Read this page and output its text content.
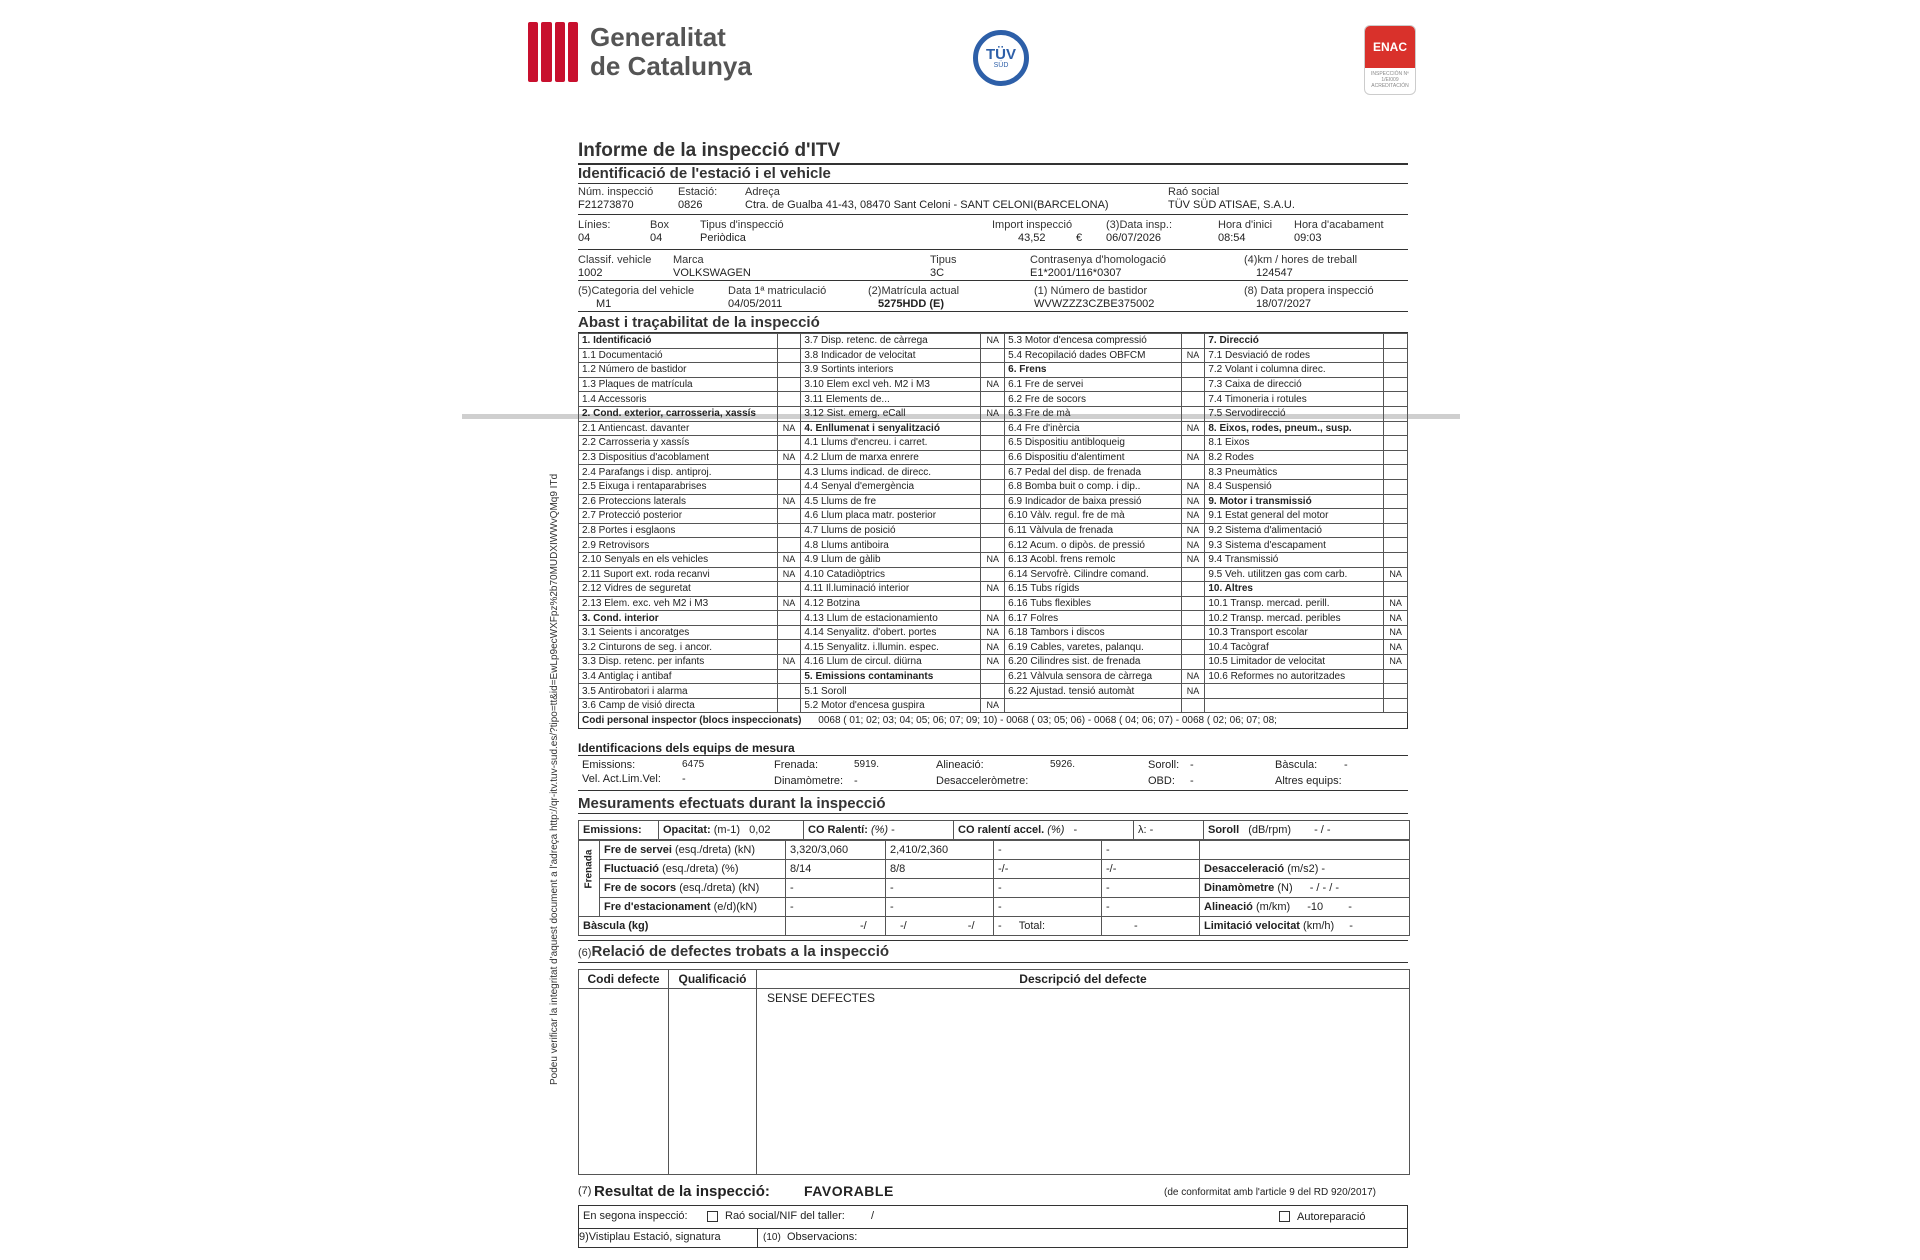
Generalitat
de Catalunya	TÜV
SÜD
ENAC
INSPECCIÓN Nº 1/EI009 ACREDITACIÓN
Podeu verificar la integritat d'aquest document a l'adreça http://qr-itv.tuv-sud.es/?tipo=tt&id=EwLp9ecWXFpz%2b70MUDXIWWvQMq9 ITd
Informe de la inspecció d'ITV
Identificació de l'estació i el vehicle
Núm. inspecció
F21273870
Estació:
0826
Adreça
Ctra. de Gualba 41-43, 08470 Sant Celoni - SANT CELONI(BARCELONA)
Raó social
TÜV SÜD ATISAE, S.A.U.
Línies:
04
Box
04
Tipus d'inspecció
Periòdica
Import inspecció
43,52	€
(3)Data insp.:
06/07/2026
Hora d'inici
08:54
Hora d'acabament
09:03
Classif. vehicle
1002
Marca
VOLKSWAGEN
Tipus
3C
Contrasenya d'homologació
E1*2001/116*0307
(4)km / hores de treball
124547
(5)Categoria del vehicle
M1
Data 1ª matriculació
04/05/2011
(2)Matrícula actual
5275HDD (E)
(1) Número de bastidor
WVWZZZ3CZBE375002
(8) Data propera inspecció
18/07/2027
Abast i traçabilitat de la inspecció
1. Identificació		3.7 Disp. retenc. de càrrega	NA	5.3 Motor d'encesa compressió		7. Direcció	
1.1 Documentació		3.8 Indicador de velocitat		5.4 Recopilació dades OBFCM	NA	7.1 Desviació de rodes	
1.2 Número de bastidor		3.9 Sortints interiors		6. Frens		7.2 Volant i columna direc.	
1.3 Plaques de matrícula		3.10 Elem excl veh. M2 i M3	NA	6.1 Fre de servei		7.3 Caixa de direcció	
1.4 Accessoris		3.11 Elements de...		6.2 Fre de socors		7.4 Timoneria i rotules	
2. Cond. exterior, carrosseria, xassís		3.12 Sist. emerg. eCall	NA	6.3 Fre de mà		7.5 Servodirecció	
2.1 Antiencast. davanter	NA	4. Enllumenat i senyalització		6.4 Fre d'inèrcia	NA	8. Eixos, rodes, pneum., susp.	
2.2 Carrosseria y xassís		4.1 Llums d'encreu. i carret.		6.5 Dispositiu antibloqueig		8.1 Eixos	
2.3 Dispositius d'acoblament	NA	4.2 Llum de marxa enrere		6.6 Dispositiu d'alentiment	NA	8.2 Rodes	
2.4 Parafangs i disp. antiproj.		4.3 Llums indicad. de direcc.		6.7 Pedal del disp. de frenada		8.3 Pneumàtics	
2.5 Eixuga i rentaparabrises		4.4 Senyal d'emergència		6.8 Bomba buit o comp. i dip..	NA	8.4 Suspensió	
2.6 Proteccions laterals	NA	4.5 Llums de fre		6.9 Indicador de baixa pressió	NA	9. Motor i transmissió	
2.7 Protecció posterior		4.6 Llum placa matr. posterior		6.10 Vàlv. regul. fre de mà	NA	9.1 Estat general del motor	
2.8 Portes i esglaons		4.7 Llums de posició		6.11 Vàlvula de frenada	NA	9.2 Sistema d'alimentació	
2.9 Retrovisors		4.8 Llums antiboira		6.12 Acum. o dipòs. de pressió	NA	9.3 Sistema d'escapament	
2.10 Senyals en els vehicles	NA	4.9 Llum de gàlib	NA	6.13 Acobl. frens remolc	NA	9.4 Transmissió	
2.11 Suport ext. roda recanvi	NA	4.10 Catadiòptrics		6.14 Servofrè. Cilindre comand.		9.5 Veh. utilitzen gas com carb.	NA
2.12 Vidres de seguretat		4.11 Il.luminació interior	NA	6.15 Tubs rígids		10. Altres	
2.13 Elem. exc. veh M2 i M3	NA	4.12 Botzina		6.16 Tubs flexibles		10.1 Transp. mercad. perill.	NA
3. Cond. interior		4.13 Llum de estacionamiento	NA	6.17 Folres		10.2 Transp. mercad. peribles	NA
3.1 Seients i ancoratges		4.14 Senyalitz. d'obert. portes	NA	6.18 Tambors i discos		10.3 Transport escolar	NA
3.2 Cinturons de seg. i ancor.		4.15 Senyalitz. i.llumin. espec.	NA	6.19 Cables, varetes, palanqu.		10.4 Tacògraf	NA
3.3 Disp. retenc. per infants	NA	4.16 Llum de circul. diürna	NA	6.20 Cilindres sist. de frenada		10.5 Limitador de velocitat	NA
3.4 Antiglaç i antibaf		5. Emissions contaminants		6.21 Vàlvula sensora de càrrega	NA	10.6 Reformes no autoritzades	
3.5 Antirobatori i alarma		5.1 Soroll		6.22 Ajustad. tensió automàt	NA		
3.6 Camp de visió directa		5.2 Motor d'encesa guspira	NA				
Codi personal inspector (blocs inspeccionats) 0068 ( 01; 02; 03; 04; 05; 06; 07; 09; 10) - 0068 ( 03; 05; 06) - 0068 ( 04; 06; 07) - 0068 ( 02; 06; 07; 08;
Identificacions dels equips de mesura
Emissions:	6475	Frenada:	5919.	Alineació:	5926.	Soroll: -	Bàscula: -
Vel. Act.Lim.Vel: -	Dinamòmetre: -	Desacceleròmetre:	OBD: -	Altres equips:
Mesuraments efectuats durant la inspecció
Emissions:	Opacitat: (m-1) 0,02	CO Ralentí: (%) -	CO ralentí accel. (%) -	λ: -	Soroll (dB/rpm) - / -
Frenada	Fre de servei (esq./dreta) (kN)	3,320/3,060	2,410/2,360	-	-	
	Fluctuació (esq./dreta) (%)	8/14	8/8	-/-	-/-	Desacceleració (m/s2) -
	Fre de socors (esq./dreta) (kN)	-	-	-	-	Dinamòmetre (N) - / - / -
	Fre d'estacionament (e/d)(kN)	-	-	-	-	Alineació (m/km) -10 -
Bàscula (kg)		-/	-/ -/	- Total:	-	Limitació velocitat (km/h) -
(6)Relació de defectes trobats a la inspecció
Codi defecte	Qualificació	Descripció del defecte
		SENSE DEFECTES
(7) Resultat de la inspecció: FAVORABLE	(de conformitat amb l'article 9 del RD 920/2017)
En segona inspecció:	Raó social/NIF del taller: /	Autoreparació
9)Vistiplau Estació, signatura	(10) Observacions:
